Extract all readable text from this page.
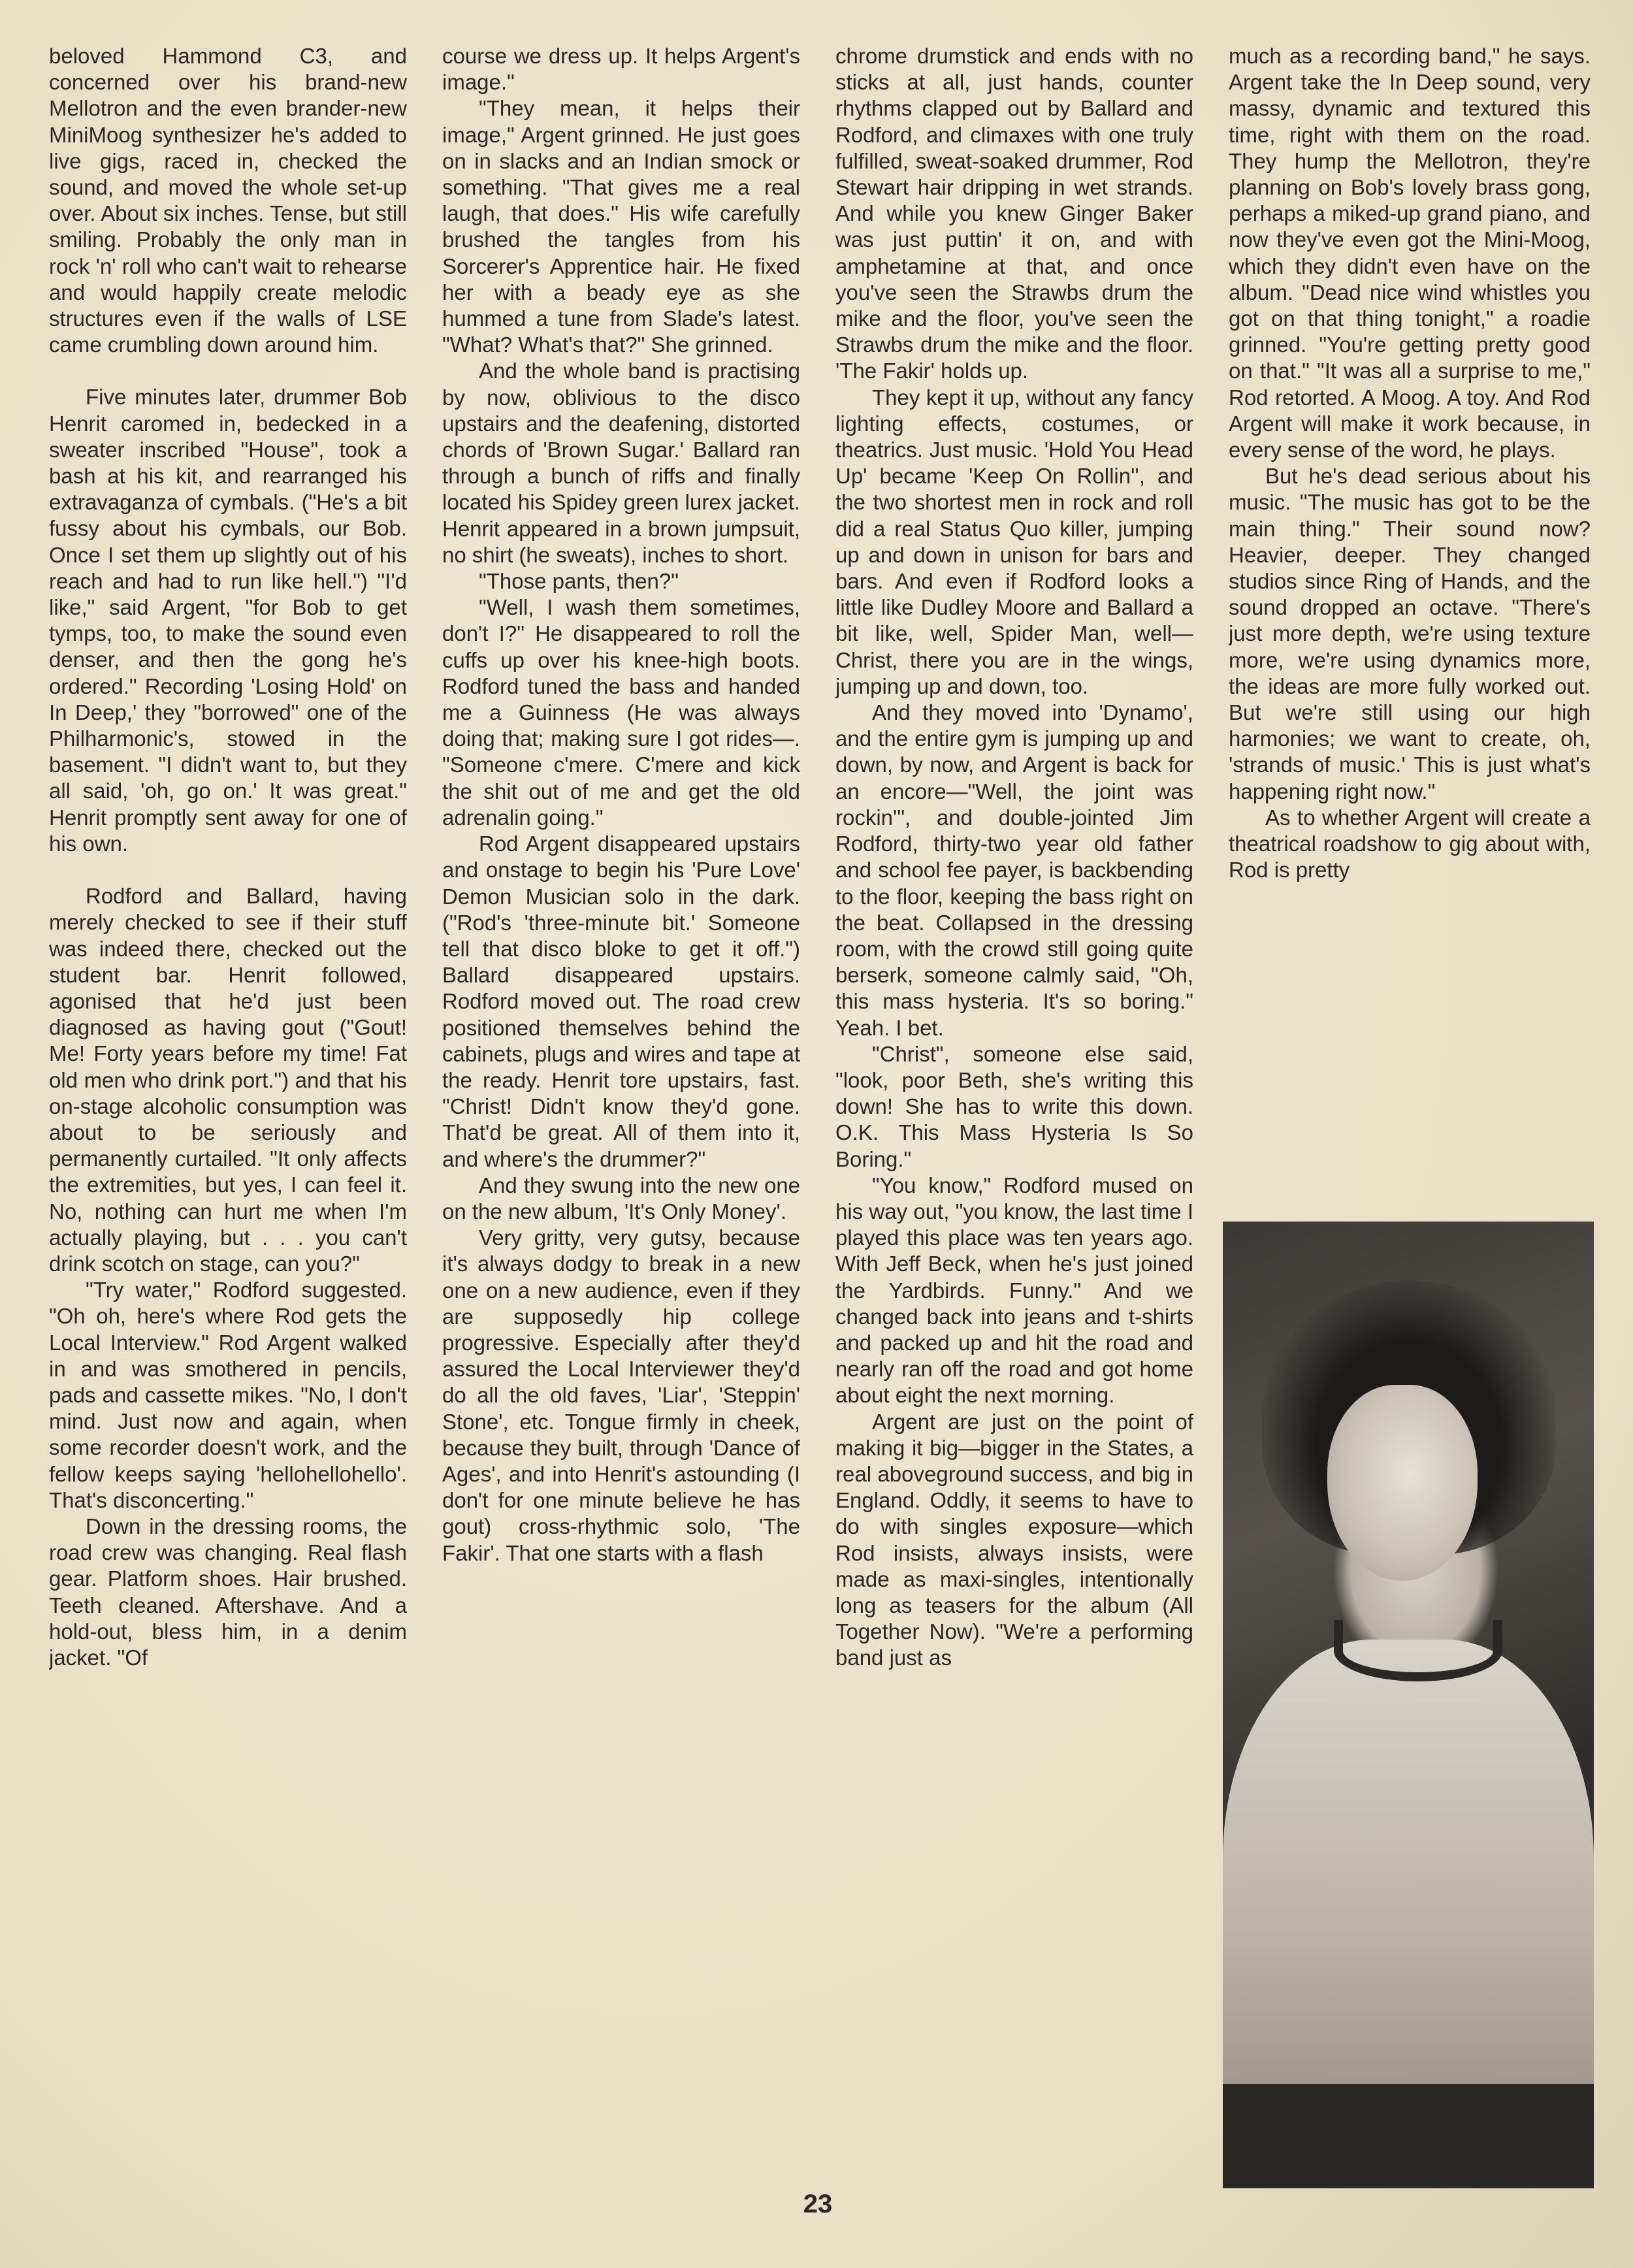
beloved Hammond C3, and concerned over his brand-new Mellotron and the even brander-new MiniMoog synthesizer he's added to live gigs, raced in, checked the sound, and moved the whole set-up over. About six inches. Tense, but still smiling. Probably the only man in rock 'n' roll who can't wait to rehearse and would happily create melodic structures even if the walls of LSE came crumbling down around him.

Five minutes later, drummer Bob Henrit caromed in, bedecked in a sweater inscribed "House", took a bash at his kit, and rearranged his extravaganza of cymbals. ("He's a bit fussy about his cymbals, our Bob. Once I set them up slightly out of his reach and had to run like hell.") "I'd like," said Argent, "for Bob to get tymps, too, to make the sound even denser, and then the gong he's ordered." Recording 'Losing Hold' on In Deep,' they "borrowed" one of the Philharmonic's, stowed in the basement. "I didn't want to, but they all said, 'oh, go on.' It was great." Henrit promptly sent away for one of his own.

Rodford and Ballard, having merely checked to see if their stuff was indeed there, checked out the student bar. Henrit followed, agonised that he'd just been diagnosed as having gout ("Gout! Me! Forty years before my time! Fat old men who drink port.") and that his on-stage alcoholic consumption was about to be seriously and permanently curtailed. "It only affects the extremities, but yes, I can feel it. No, nothing can hurt me when I'm actually playing, but . . . you can't drink scotch on stage, can you?"

"Try water," Rodford suggested. "Oh oh, here's where Rod gets the Local Interview." Rod Argent walked in and was smothered in pencils, pads and cassette mikes. "No, I don't mind. Just now and again, when some recorder doesn't work, and the fellow keeps saying 'hellohellohello'. That's disconcerting."

Down in the dressing rooms, the road crew was changing. Real flash gear. Platform shoes. Hair brushed. Teeth cleaned. Aftershave. And a hold-out, bless him, in a denim jacket. "Of

course we dress up. It helps Argent's image."

"They mean, it helps their image," Argent grinned. He just goes on in slacks and an Indian smock or something. "That gives me a real laugh, that does." His wife carefully brushed the tangles from his Sorcerer's Apprentice hair. He fixed her with a beady eye as she hummed a tune from Slade's latest. "What? What's that?" She grinned.

And the whole band is practising by now, oblivious to the disco upstairs and the deafening, distorted chords of 'Brown Sugar.' Ballard ran through a bunch of riffs and finally located his Spidey green lurex jacket. Henrit appeared in a brown jumpsuit, no shirt (he sweats), inches to short.

"Those pants, then?"

"Well, I wash them sometimes, don't I?" He disappeared to roll the cuffs up over his knee-high boots. Rodford tuned the bass and handed me a Guinness (He was always doing that; making sure I got rides—. "Someone c'mere. C'mere and kick the shit out of me and get the old adrenalin going."

Rod Argent disappeared upstairs and onstage to begin his 'Pure Love' Demon Musician solo in the dark. ("Rod's 'three-minute bit.' Someone tell that disco bloke to get it off.") Ballard disappeared upstairs. Rodford moved out. The road crew positioned themselves behind the cabinets, plugs and wires and tape at the ready. Henrit tore upstairs, fast. "Christ! Didn't know they'd gone. That'd be great. All of them into it, and where's the drummer?"

And they swung into the new one on the new album, 'It's Only Money'.

Very gritty, very gutsy, because it's always dodgy to break in a new one on a new audience, even if they are supposedly hip college progressive. Especially after they'd assured the Local Interviewer they'd do all the old faves, 'Liar', 'Steppin' Stone', etc. Tongue firmly in cheek, because they built, through 'Dance of Ages', and into Henrit's astounding (I don't for one minute believe he has gout) cross-rhythmic solo, 'The Fakir'. That one starts with a flash

chrome drumstick and ends with no sticks at all, just hands, counter rhythms clapped out by Ballard and Rodford, and climaxes with one truly fulfilled, sweat-soaked drummer, Rod Stewart hair dripping in wet strands. And while you knew Ginger Baker was just puttin' it on, and with amphetamine at that, and once you've seen the Strawbs drum the mike and the floor, you've seen the Strawbs drum the mike and the floor. 'The Fakir' holds up.

They kept it up, without any fancy lighting effects, costumes, or theatrics. Just music. 'Hold You Head Up' became 'Keep On Rollin'', and the two shortest men in rock and roll did a real Status Quo killer, jumping up and down in unison for bars and bars. And even if Rodford looks a little like Dudley Moore and Ballard a bit like, well, Spider Man, well—Christ, there you are in the wings, jumping up and down, too.

And they moved into 'Dynamo', and the entire gym is jumping up and down, by now, and Argent is back for an encore—"Well, the joint was rockin'", and double-jointed Jim Rodford, thirty-two year old father and school fee payer, is backbending to the floor, keeping the bass right on the beat. Collapsed in the dressing room, with the crowd still going quite berserk, someone calmly said, "Oh, this mass hysteria. It's so boring." Yeah. I bet.

"Christ", someone else said, "look, poor Beth, she's writing this down! She has to write this down. O.K. This Mass Hysteria Is So Boring."

"You know," Rodford mused on his way out, "you know, the last time I played this place was ten years ago. With Jeff Beck, when he's just joined the Yardbirds. Funny." And we changed back into jeans and t-shirts and packed up and hit the road and nearly ran off the road and got home about eight the next morning.

Argent are just on the point of making it big—bigger in the States, a real aboveground success, and big in England. Oddly, it seems to have to do with singles exposure—which Rod insists, always insists, were made as maxi-singles, intentionally long as teasers for the album (All Together Now). "We're a performing band just as

much as a recording band," he says. Argent take the In Deep sound, very massy, dynamic and textured this time, right with them on the road. They hump the Mellotron, they're planning on Bob's lovely brass gong, perhaps a miked-up grand piano, and now they've even got the Mini-Moog, which they didn't even have on the album. "Dead nice wind whistles you got on that thing tonight," a roadie grinned. "You're getting pretty good on that." "It was all a surprise to me," Rod retorted. A Moog. A toy. And Rod Argent will make it work because, in every sense of the word, he plays.

But he's dead serious about his music. "The music has got to be the main thing." Their sound now? Heavier, deeper. They changed studios since Ring of Hands, and the sound dropped an octave. "There's just more depth, we're using texture more, we're using dynamics more, the ideas are more fully worked out. But we're still using our high harmonies; we want to create, oh, 'strands of music.' This is just what's happening right now."

As to whether Argent will create a theatrical roadshow to gig about with, Rod is pretty

23
